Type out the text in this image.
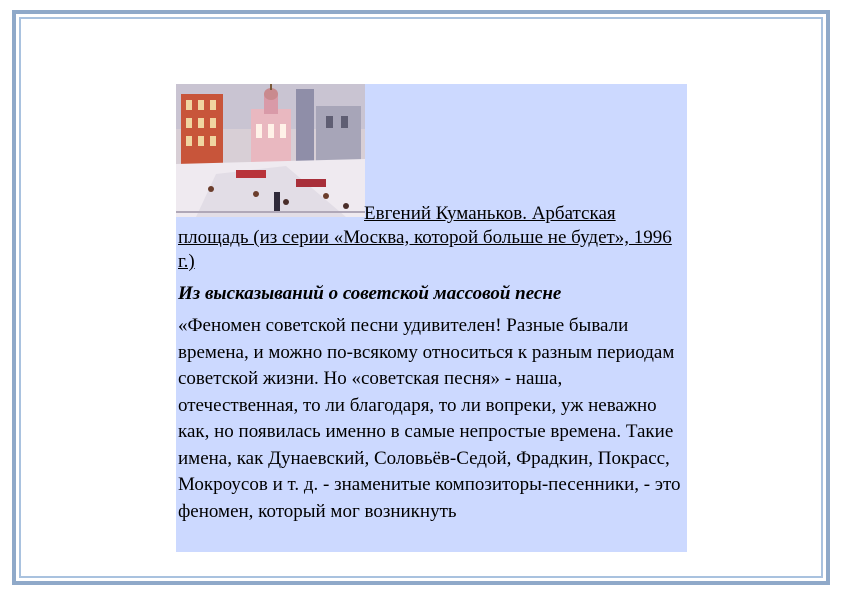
Евгений Куманьков. Арбатская площадь (из серии «Москва, которой больше не будет», 1996 г.)
Из высказываний о советской массовой песне
«Феномен советской песни удивителен! Разные бывали времена, и можно по-всякому относиться к разным периодам советской жизни. Но «советская песня» - наша, отечественная, то ли благодаря, то ли вопреки, уж неважно как, но появилась именно в самые непростые времена. Такие имена, как Дунаевский, Соловьёв-Седой, Фрадкин, Покрасс, Мокроусов и т. д. - знаменитые композиторы-песенники, - это феномен, который мог возникнуть
